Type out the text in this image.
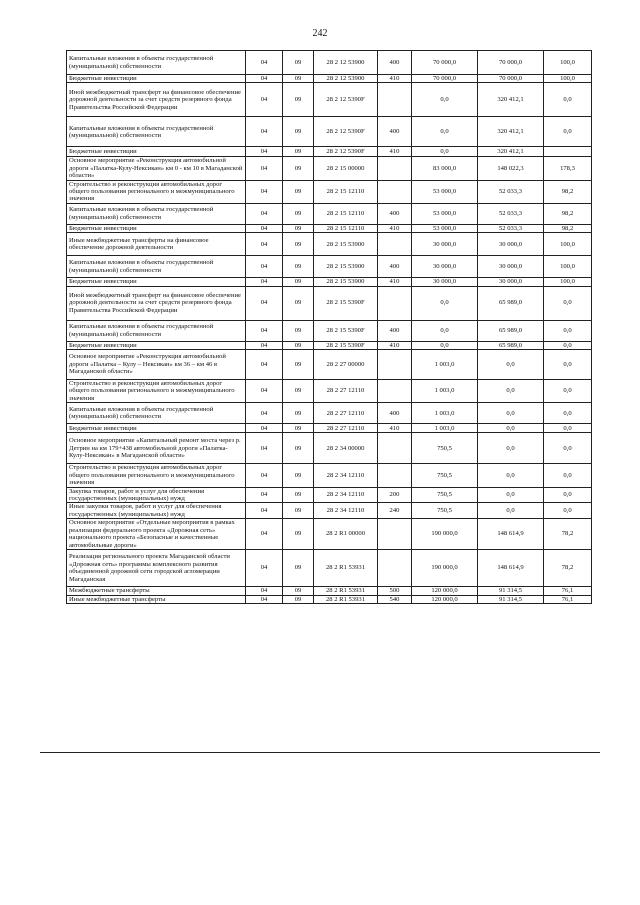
242
Капитальные вложения в объекты государственной (муниципальной) собственности	04	09	28 2 12 53900	400	70 000,0	70 000,0	100,0
Бюджетные инвестиции	04	09	28 2 12 53900	410	70 000,0	70 000,0	100,0
Иной межбюджетный трансферт на финансовое обеспечение дорожной деятельности за счет средств резервного фонда Правительства Российской Федерации	04	09	28 2 12 5390F		0,0	320 412,1	0,0
Капитальные вложения в объекты государственной (муниципальной) собственности	04	09	28 2 12 5390F	400	0,0	320 412,1	0,0
Бюджетные инвестиции	04	09	28 2 12 5390F	410	0,0	320 412,1	
Основное мероприятие «Реконструкция автомобильной дороги «Палатка-Кулу-Нексикан» км 0 - км 10 в Магаданской области»	04	09	28 2 15 00000		83 000,0	148 022,3	178,3
Строительство и реконструкция автомобильных дорог общего пользования регионального и межмуниципального значения	04	09	28 2 15 12110		53 000,0	52 033,3	98,2
Капитальные вложения в объекты государственной (муниципальной) собственности	04	09	28 2 15 12110	400	53 000,0	52 033,3	98,2
Бюджетные инвестиции	04	09	28 2 15 12110	410	53 000,0	52 033,3	98,2
Иные межбюджетные трансферты на финансовое обеспечение дорожной деятельности	04	09	28 2 15 53900		30 000,0	30 000,0	100,0
Капитальные вложения в объекты государственной (муниципальной) собственности	04	09	28 2 15 53900	400	30 000,0	30 000,0	100,0
Бюджетные инвестиции	04	09	28 2 15 53900	410	30 000,0	30 000,0	100,0
Иной межбюджетный трансферт на финансовое обеспечение дорожной деятельности за счет средств резервного фонда Правительства Российской Федерации	04	09	28 2 15 5390F		0,0	65 989,0	0,0
Капитальные вложения в объекты государственной (муниципальной) собственности	04	09	28 2 15 5390F	400	0,0	65 989,0	0,0
Бюджетные инвестиции	04	09	28 2 15 5390F	410	0,0	65 989,0	0,0
Основное мероприятие «Реконструкция автомобильной дороги «Палатка – Кулу – Нексикан» км 36 – км 46 в Магаданской области»	04	09	28 2 27 00000		1 003,0	0,0	0,0
Строительство и реконструкция автомобильных дорог общего пользования регионального и межмуниципального значения	04	09	28 2 27 12110		1 003,0	0,0	0,0
Капитальные вложения в объекты государственной (муниципальной) собственности	04	09	28 2 27 12110	400	1 003,0	0,0	0,0
Бюджетные инвестиции	04	09	28 2 27 12110	410	1 003,0	0,0	0,0
Основное мероприятие «Капитальный ремонт моста через р. Детрин на км 179+438 автомобильной дороги «Палатка-Кулу-Нексикан» в Магаданской области»	04	09	28 2 34 00000		750,5	0,0	0,0
Строительство и реконструкция автомобильных дорог общего пользования регионального и межмуниципального значения	04	09	28 2 34 12110		750,5	0,0	0,0
Закупка товаров, работ и услуг для обеспечения государственных (муниципальных) нужд	04	09	28 2 34 12110	200	750,5	0,0	0,0
Иные закупки товаров, работ и услуг для обеспечения государственных (муниципальных) нужд	04	09	28 2 34 12110	240	750,5	0,0	0,0
Основное мероприятие «Отдельные мероприятия в рамках реализации федерального проекта «Дорожная сеть» национального проекта «Безопасные и качественные автомобильные дороги»	04	09	28 2 R1 00000		190 000,0	148 614,9	78,2
Реализация регионального проекта Магаданской области «Дорожная сеть» программы комплексного развития объединенной дорожной сети городской агломерации Магаданская	04	09	28 2 R1 53931		190 000,0	148 614,9	78,2
Межбюджетные трансферты	04	09	28 2 R1 53931	500	120 000,0	91 314,5	76,1
Иные межбюджетные трансферты	04	09	28 2 R1 53931	540	120 000,0	91 314,5	76,1
